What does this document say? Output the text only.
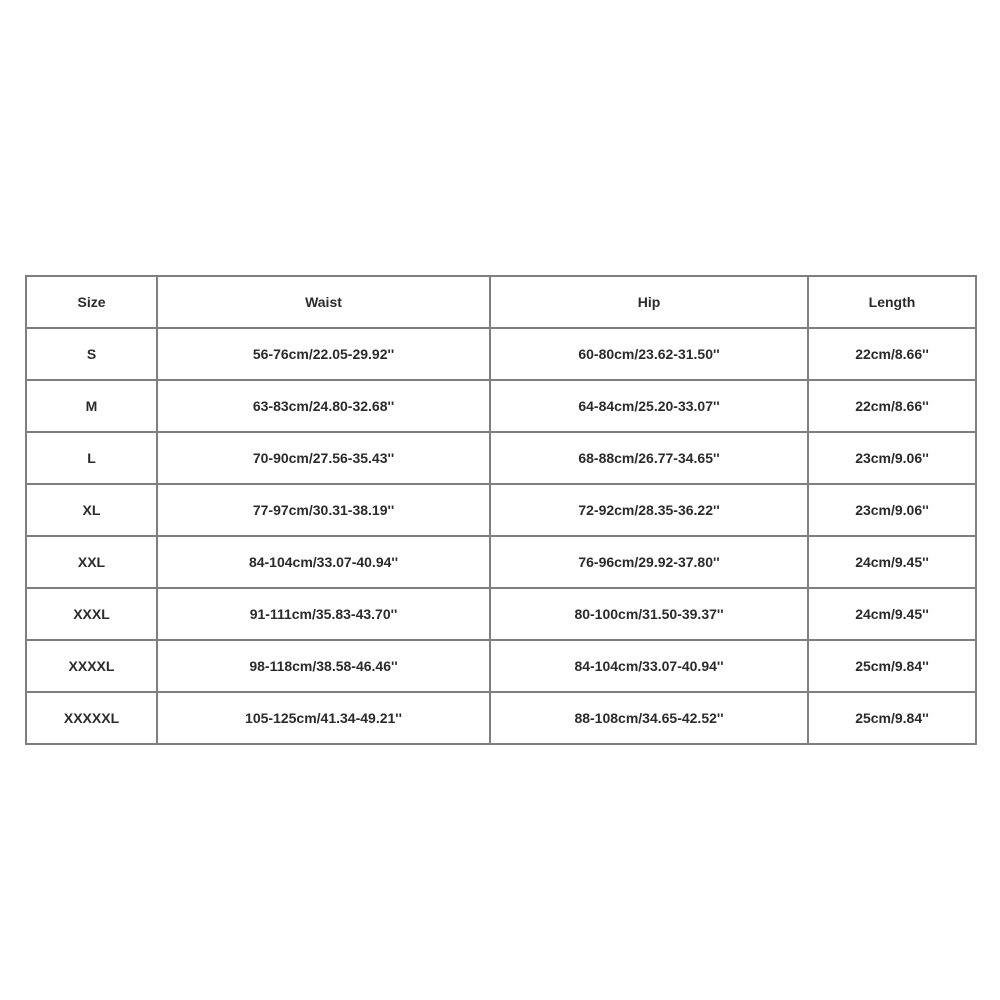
Size	Waist	Hip	Length
S	56-76cm/22.05-29.92''	60-80cm/23.62-31.50''	22cm/8.66''
M	63-83cm/24.80-32.68''	64-84cm/25.20-33.07''	22cm/8.66''
L	70-90cm/27.56-35.43''	68-88cm/26.77-34.65''	23cm/9.06''
XL	77-97cm/30.31-38.19''	72-92cm/28.35-36.22''	23cm/9.06''
XXL	84-104cm/33.07-40.94''	76-96cm/29.92-37.80''	24cm/9.45''
XXXL	91-111cm/35.83-43.70''	80-100cm/31.50-39.37''	24cm/9.45''
XXXXL	98-118cm/38.58-46.46''	84-104cm/33.07-40.94''	25cm/9.84''
XXXXXL	105-125cm/41.34-49.21''	88-108cm/34.65-42.52''	25cm/9.84''
